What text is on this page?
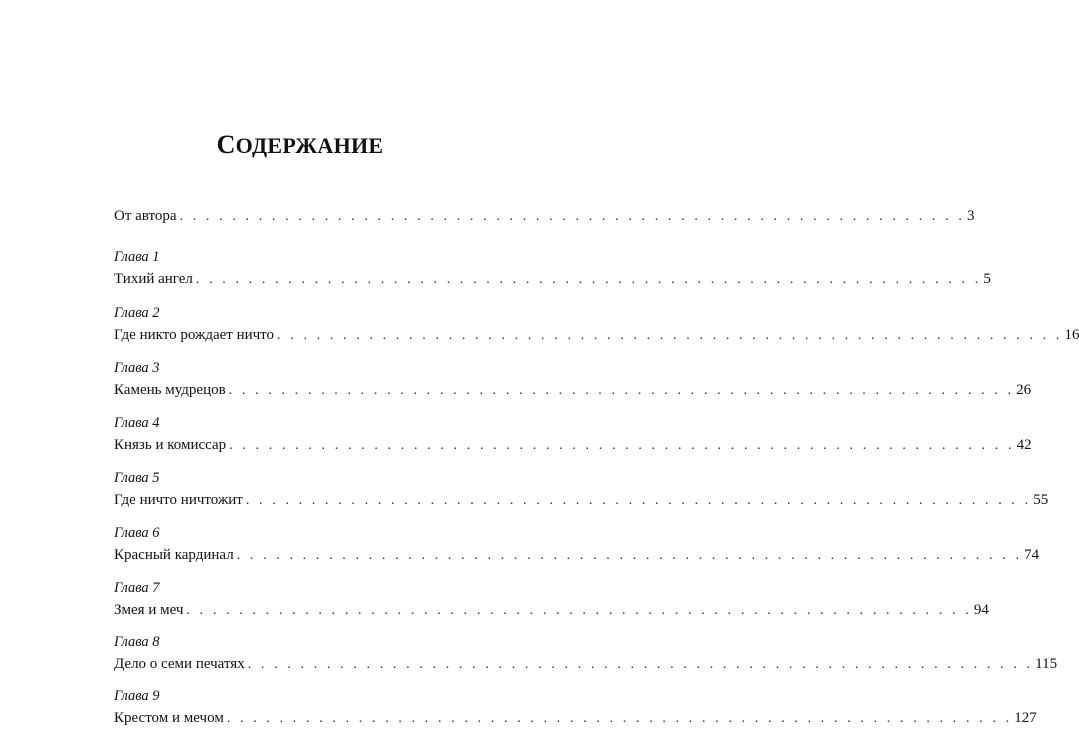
СОДЕРЖАНИЕ
От автора . . . . . . . . . . . . . . . . . . . . . . . . . . . . . . . . . . . . . . . . . . . . . . . . . . . . . . . . . . . . 3
Глава 1
Тихий ангел . . . . . . . . . . . . . . . . . . . . . . . . . . . . . . . . . . . . . . . . . . . . . . . . . . . . . . . . . . . . 5
Глава 2
Где никто рождает ничто . . . . . . . . . . . . . . . . . . . . . . . . . . . . . . . . . . . . . . . . . . . . . . . . . . . . . . . . . . . . 16
Глава 3
Камень мудрецов . . . . . . . . . . . . . . . . . . . . . . . . . . . . . . . . . . . . . . . . . . . . . . . . . . . . . . . . . . . . 26
Глава 4
Князь и комиссар . . . . . . . . . . . . . . . . . . . . . . . . . . . . . . . . . . . . . . . . . . . . . . . . . . . . . . . . . . . . 42
Глава 5
Где ничто ничтожит . . . . . . . . . . . . . . . . . . . . . . . . . . . . . . . . . . . . . . . . . . . . . . . . . . . . . . . . . . . . 55
Глава 6
Красный кардинал . . . . . . . . . . . . . . . . . . . . . . . . . . . . . . . . . . . . . . . . . . . . . . . . . . . . . . . . . . . . 74
Глава 7
Змея и меч . . . . . . . . . . . . . . . . . . . . . . . . . . . . . . . . . . . . . . . . . . . . . . . . . . . . . . . . . . . . 94
Глава 8
Дело о семи печатях . . . . . . . . . . . . . . . . . . . . . . . . . . . . . . . . . . . . . . . . . . . . . . . . . . . . . . . . . . . . 115
Глава 9
Крестом и мечом . . . . . . . . . . . . . . . . . . . . . . . . . . . . . . . . . . . . . . . . . . . . . . . . . . . . . . . . . . . . 127
